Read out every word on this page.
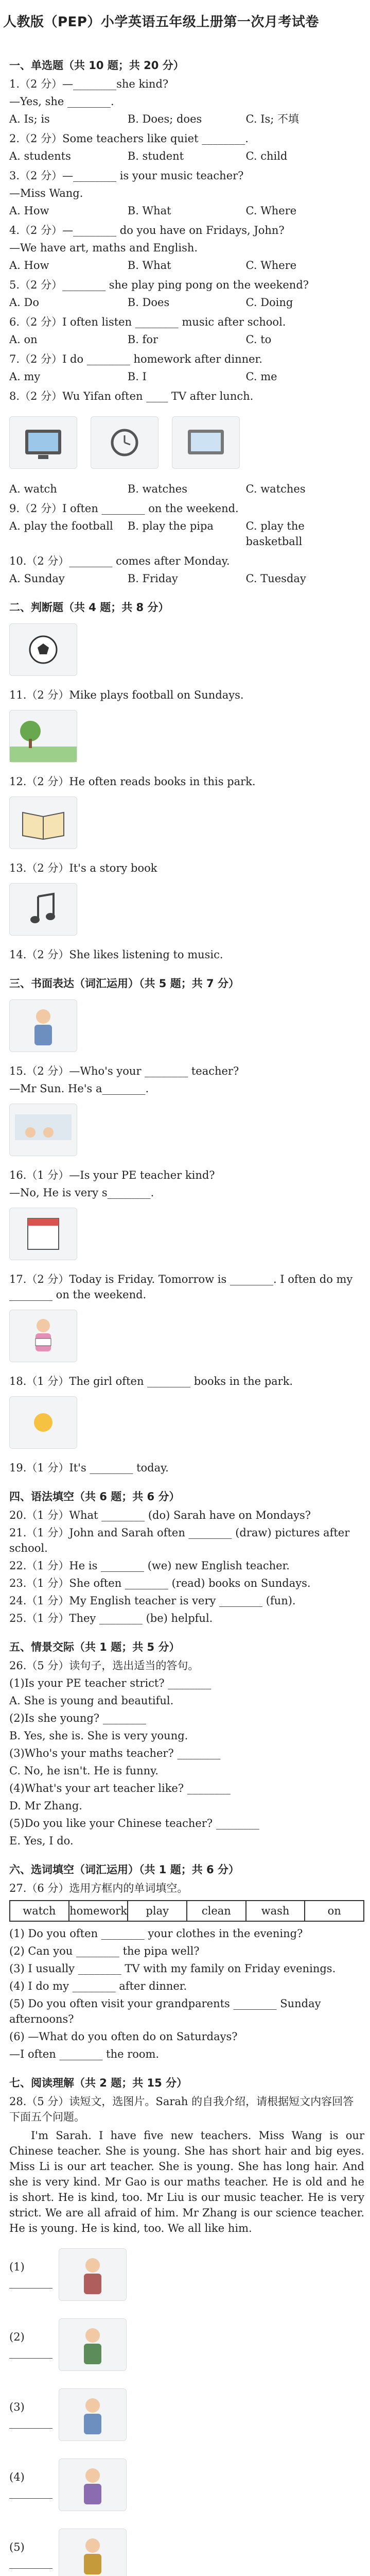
人教版（PEP）小学英语五年级上册第一次月考试卷
一、单选题（共 10 题；共 20 分）
1.（2 分）—________she kind?
—Yes, she ________.
A. Is; is	B. Does; does	C. Is; 不填
2.（2 分）Some teachers like quiet ________.
A. students	B. student	C. child
3.（2 分）—________ is your music teacher?
—Miss Wang.
A. How	B. What	C. Where
4.（2 分）—________ do you have on Fridays, John?
—We have art, maths and English.
A. How	B. What	C. Where
5.（2 分）________ she play ping pong on the weekend?
A. Do	B. Does	C. Doing
6.（2 分）I often listen ________ music after school.
A. on	B. for	C. to
7.（2 分）I do ________ homework after dinner.
A. my	B. I	C. me
8.（2 分）Wu Yifan often ____ TV after lunch.
A. watch	B. watches	C. watches
9.（2 分）I often ________ on the weekend.
A. play the football	B. play the pipa	C. play the basketball
10.（2 分）________ comes after Monday.
A. Sunday	B. Friday	C. Tuesday
二、判断题（共 4 题；共 8 分）
11.（2 分）Mike plays football on Sundays.
12.（2 分）He often reads books in this park.
13.（2 分）It's a story book
14.（2 分）She likes listening to music.
三、书面表达（词汇运用）（共 5 题；共 7 分）
15.（2 分）—Who's your ________ teacher?
—Mr Sun. He's a________.
16.（1 分）—Is your PE teacher kind?
—No, He is very s________.
17.（2 分）Today is Friday. Tomorrow is ________. I often do my ________ on the weekend.
18.（1 分）The girl often ________ books in the park.
19.（1 分）It's ________ today.
四、语法填空（共 6 题；共 6 分）
20.（1 分）What ________ (do) Sarah have on Mondays?
21.（1 分）John and Sarah often ________ (draw) pictures after school.
22.（1 分）He is ________ (we) new English teacher.
23.（1 分）She often ________ (read) books on Sundays.
24.（1 分）My English teacher is very ________ (fun).
25.（1 分）They ________ (be) helpful.
五、情景交际（共 1 题；共 5 分）
26.（5 分）读句子，选出适当的答句。
(1)Is your PE teacher strict? ________
A. She is young and beautiful.
(2)Is she young? ________
B. Yes, she is. She is very young.
(3)Who's your maths teacher? ________
C. No, he isn't. He is funny.
(4)What's your art teacher like? ________
D. Mr Zhang.
(5)Do you like your Chinese teacher? ________
E. Yes, I do.
六、选词填空（词汇运用）（共 1 题；共 6 分）
27.（6 分）选用方框内的单词填空。
watch	homework	play	clean	wash	on
(1) Do you often ________ your clothes in the evening?
(2) Can you ________ the pipa well?
(3) I usually ________ TV with my family on Friday evenings.
(4) I do my ________ after dinner.
(5) Do you often visit your grandparents ________ Sunday afternoons?
(6) —What do you often do on Saturdays?
—I often ________ the room.
七、阅读理解（共 2 题；共 15 分）
28.（5 分）读短文，选图片。Sarah 的自我介绍，请根据短文内容回答下面五个问题。
I'm Sarah. I have five new teachers. Miss Wang is our Chinese teacher. She is young. She has short hair and big eyes. Miss Li is our art teacher. She is young. She has long hair. And she is very kind. Mr Gao is our maths teacher. He is old and he is short. He is kind, too. Mr Liu is our music teacher. He is very strict. We are all afraid of him. Mr Zhang is our science teacher. He is young. He is kind, too. We all like him.
(1) ________
(2) ________
(3) ________
(4) ________
(5) ________
